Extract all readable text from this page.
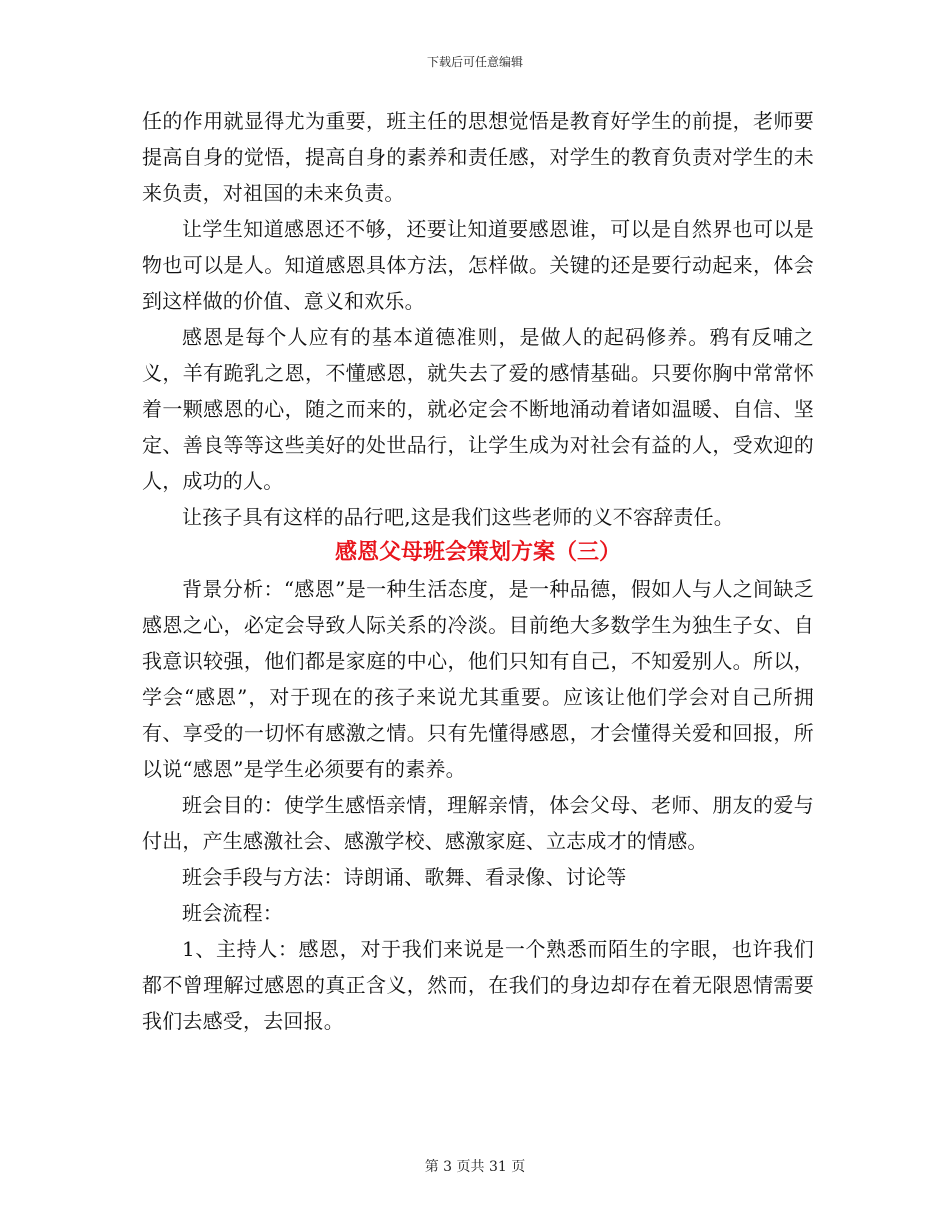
下载后可任意编辑

任的作用就显得尤为重要，班主任的思想觉悟是教育好学生的前提，老师要提高自身的觉悟，提高自身的素养和责任感，对学生的教育负责对学生的未来负责，对祖国的未来负责。

让学生知道感恩还不够，还要让知道要感恩谁，可以是自然界也可以是物也可以是人。知道感恩具体方法，怎样做。关键的还是要行动起来，体会到这样做的价值、意义和欢乐。

感恩是每个人应有的基本道德准则，是做人的起码修养。鸦有反哺之义，羊有跪乳之恩，不懂感恩，就失去了爱的感情基础。只要你胸中常常怀着一颗感恩的心，随之而来的，就必定会不断地涌动着诸如温暖、自信、坚定、善良等等这些美好的处世品行，让学生成为对社会有益的人，受欢迎的人，成功的人。

让孩子具有这样的品行吧,这是我们这些老师的义不容辞责任。

感恩父母班会策划方案（三）

背景分析：“感恩”是一种生活态度，是一种品德，假如人与人之间缺乏感恩之心，必定会导致人际关系的冷淡。目前绝大多数学生为独生子女、自我意识较强，他们都是家庭的中心，他们只知有自己，不知爱别人。所以，学会“感恩”，对于现在的孩子来说尤其重要。应该让他们学会对自己所拥有、享受的一切怀有感激之情。只有先懂得感恩，才会懂得关爱和回报，所以说“感恩”是学生必须要有的素养。

班会目的：使学生感悟亲情，理解亲情，体会父母、老师、朋友的爱与付出，产生感激社会、感激学校、感激家庭、立志成才的情感。

班会手段与方法：诗朗诵、歌舞、看录像、讨论等

班会流程：

1、主持人：感恩，对于我们来说是一个熟悉而陌生的字眼，也许我们都不曾理解过感恩的真正含义，然而，在我们的身边却存在着无限恩情需要我们去感受，去回报。

第 3 页共 31 页
